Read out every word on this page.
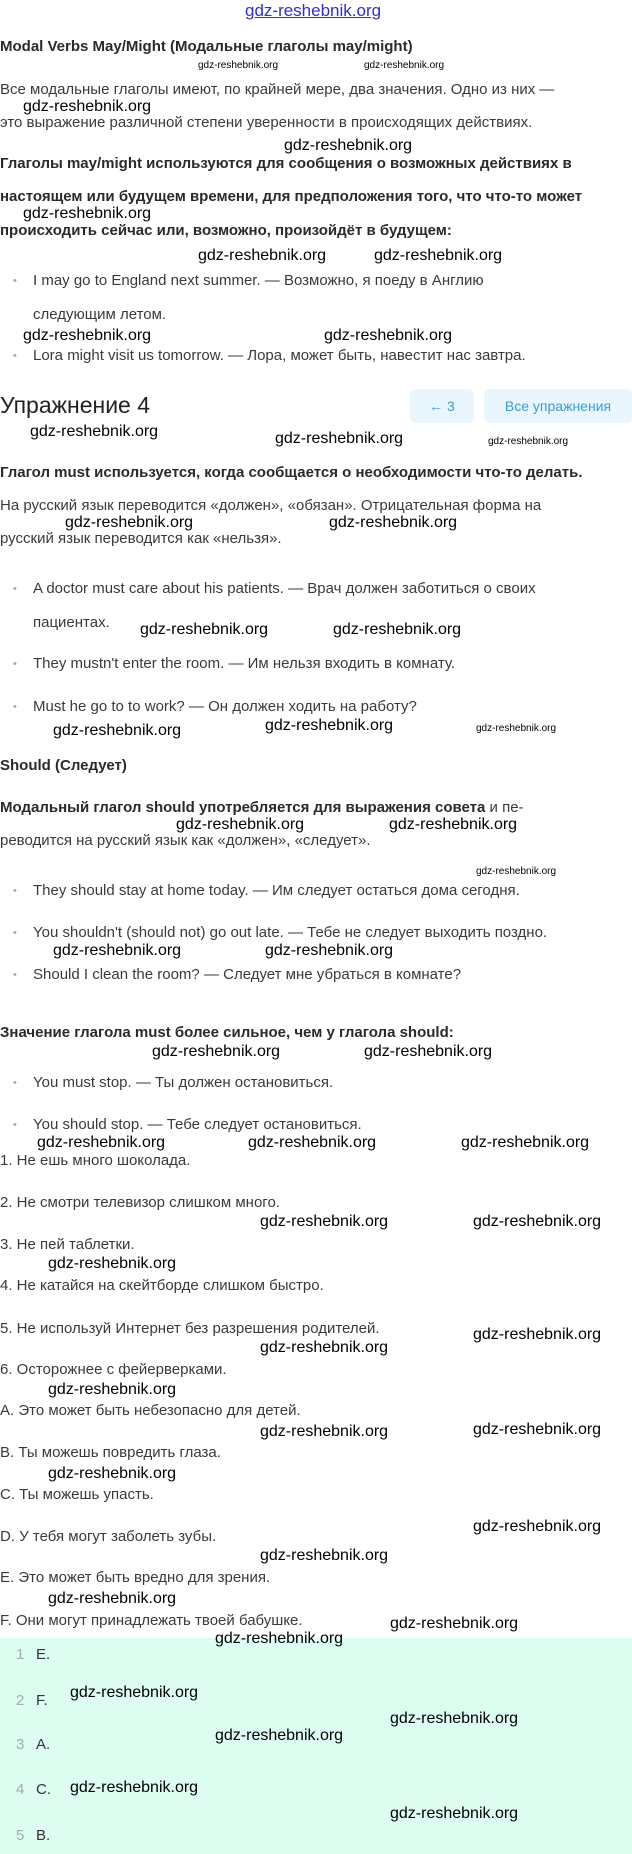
Modal Verbs May/Might (Модальные глаголы may/might)
Все модальные глаголы имеют, по крайней мере, два значения. Одно из них —
это выражение различной степени уверенности в происходящих действиях.
Глаголы may/might используются для сообщения о возможных действиях в
настоящем или будущем времени, для предположения того, что что-то может
происходить сейчас или, возможно, произойдёт в будущем:
• I may go to England next summer. — Возможно, я поеду в Англию
следующим летом.
• Lora might visit us tomorrow. — Лора, может быть, навестит нас завтра.
Упражнение 4	← 3	Все упражнения
Глагол must используется, когда сообщается о необходимости что-то делать.
На русский язык переводится «должен», «обязан». Отрицательная форма на
русский язык переводится как «нельзя».
• A doctor must care about his patients. — Врач должен заботиться о своих
пациентах.
• They mustn't enter the room. — Им нельзя входить в комнату.
• Must he go to to work? — Он должен ходить на работу?
Should (Следует)
Модальный глагол should употребляется для выражения совета и пе-
реводится на русский язык как «должен», «следует».
• They should stay at home today. — Им следует остаться дома сегодня.
• You shouldn't (should not) go out late. — Тебе не следует выходить поздно.
• Should I clean the room? — Следует мне убраться в комнате?
Значение глагола must более сильное, чем у глагола should:
• You must stop. — Ты должен остановиться.
• You should stop. — Тебе следует остановиться.
1. Не ешь много шоколада.
2. Не смотри телевизор слишком много.
3. Не пей таблетки.
4. Не катайся на скейтборде слишком быстро.
5. Не используй Интернет без разрешения родителей.
6. Осторожнее с фейерверками.
A. Это может быть небезопасно для детей.
B. Ты можешь повредить глаза.
C. Ты можешь упасть.
D. У тебя могут заболеть зубы.
E. Это может быть вредно для зрения.
F. Они могут принадлежать твоей бабушке.
1 E.
2 F.
3 A.
4 C.
5 B.
gdz-reshebnik.org
gdz-reshebnik.org	gdz-reshebnik.org
gdz-reshebnik.org
gdz-reshebnik.org
gdz-reshebnik.org
gdz-reshebnik.org	gdz-reshebnik.org
gdz-reshebnik.org	gdz-reshebnik.org
gdz-reshebnik.org	gdz-reshebnik.org	gdz-reshebnik.org
gdz-reshebnik.org	gdz-reshebnik.org
gdz-reshebnik.org	gdz-reshebnik.org
gdz-reshebnik.org	gdz-reshebnik.org	gdz-reshebnik.org
gdz-reshebnik.org	gdz-reshebnik.org
gdz-reshebnik.org
gdz-reshebnik.org	gdz-reshebnik.org
gdz-reshebnik.org	gdz-reshebnik.org
gdz-reshebnik.org	gdz-reshebnik.org	gdz-reshebnik.org
gdz-reshebnik.org	gdz-reshebnik.org
gdz-reshebnik.org
gdz-reshebnik.org
gdz-reshebnik.org
gdz-reshebnik.org
gdz-reshebnik.org
gdz-reshebnik.org
gdz-reshebnik.org
gdz-reshebnik.org
gdz-reshebnik.org
gdz-reshebnik.org
gdz-reshebnik.org
gdz-reshebnik.org
gdz-reshebnik.org
gdz-reshebnik.org
gdz-reshebnik.org
gdz-reshebnik.org
gdz-reshebnik.org
